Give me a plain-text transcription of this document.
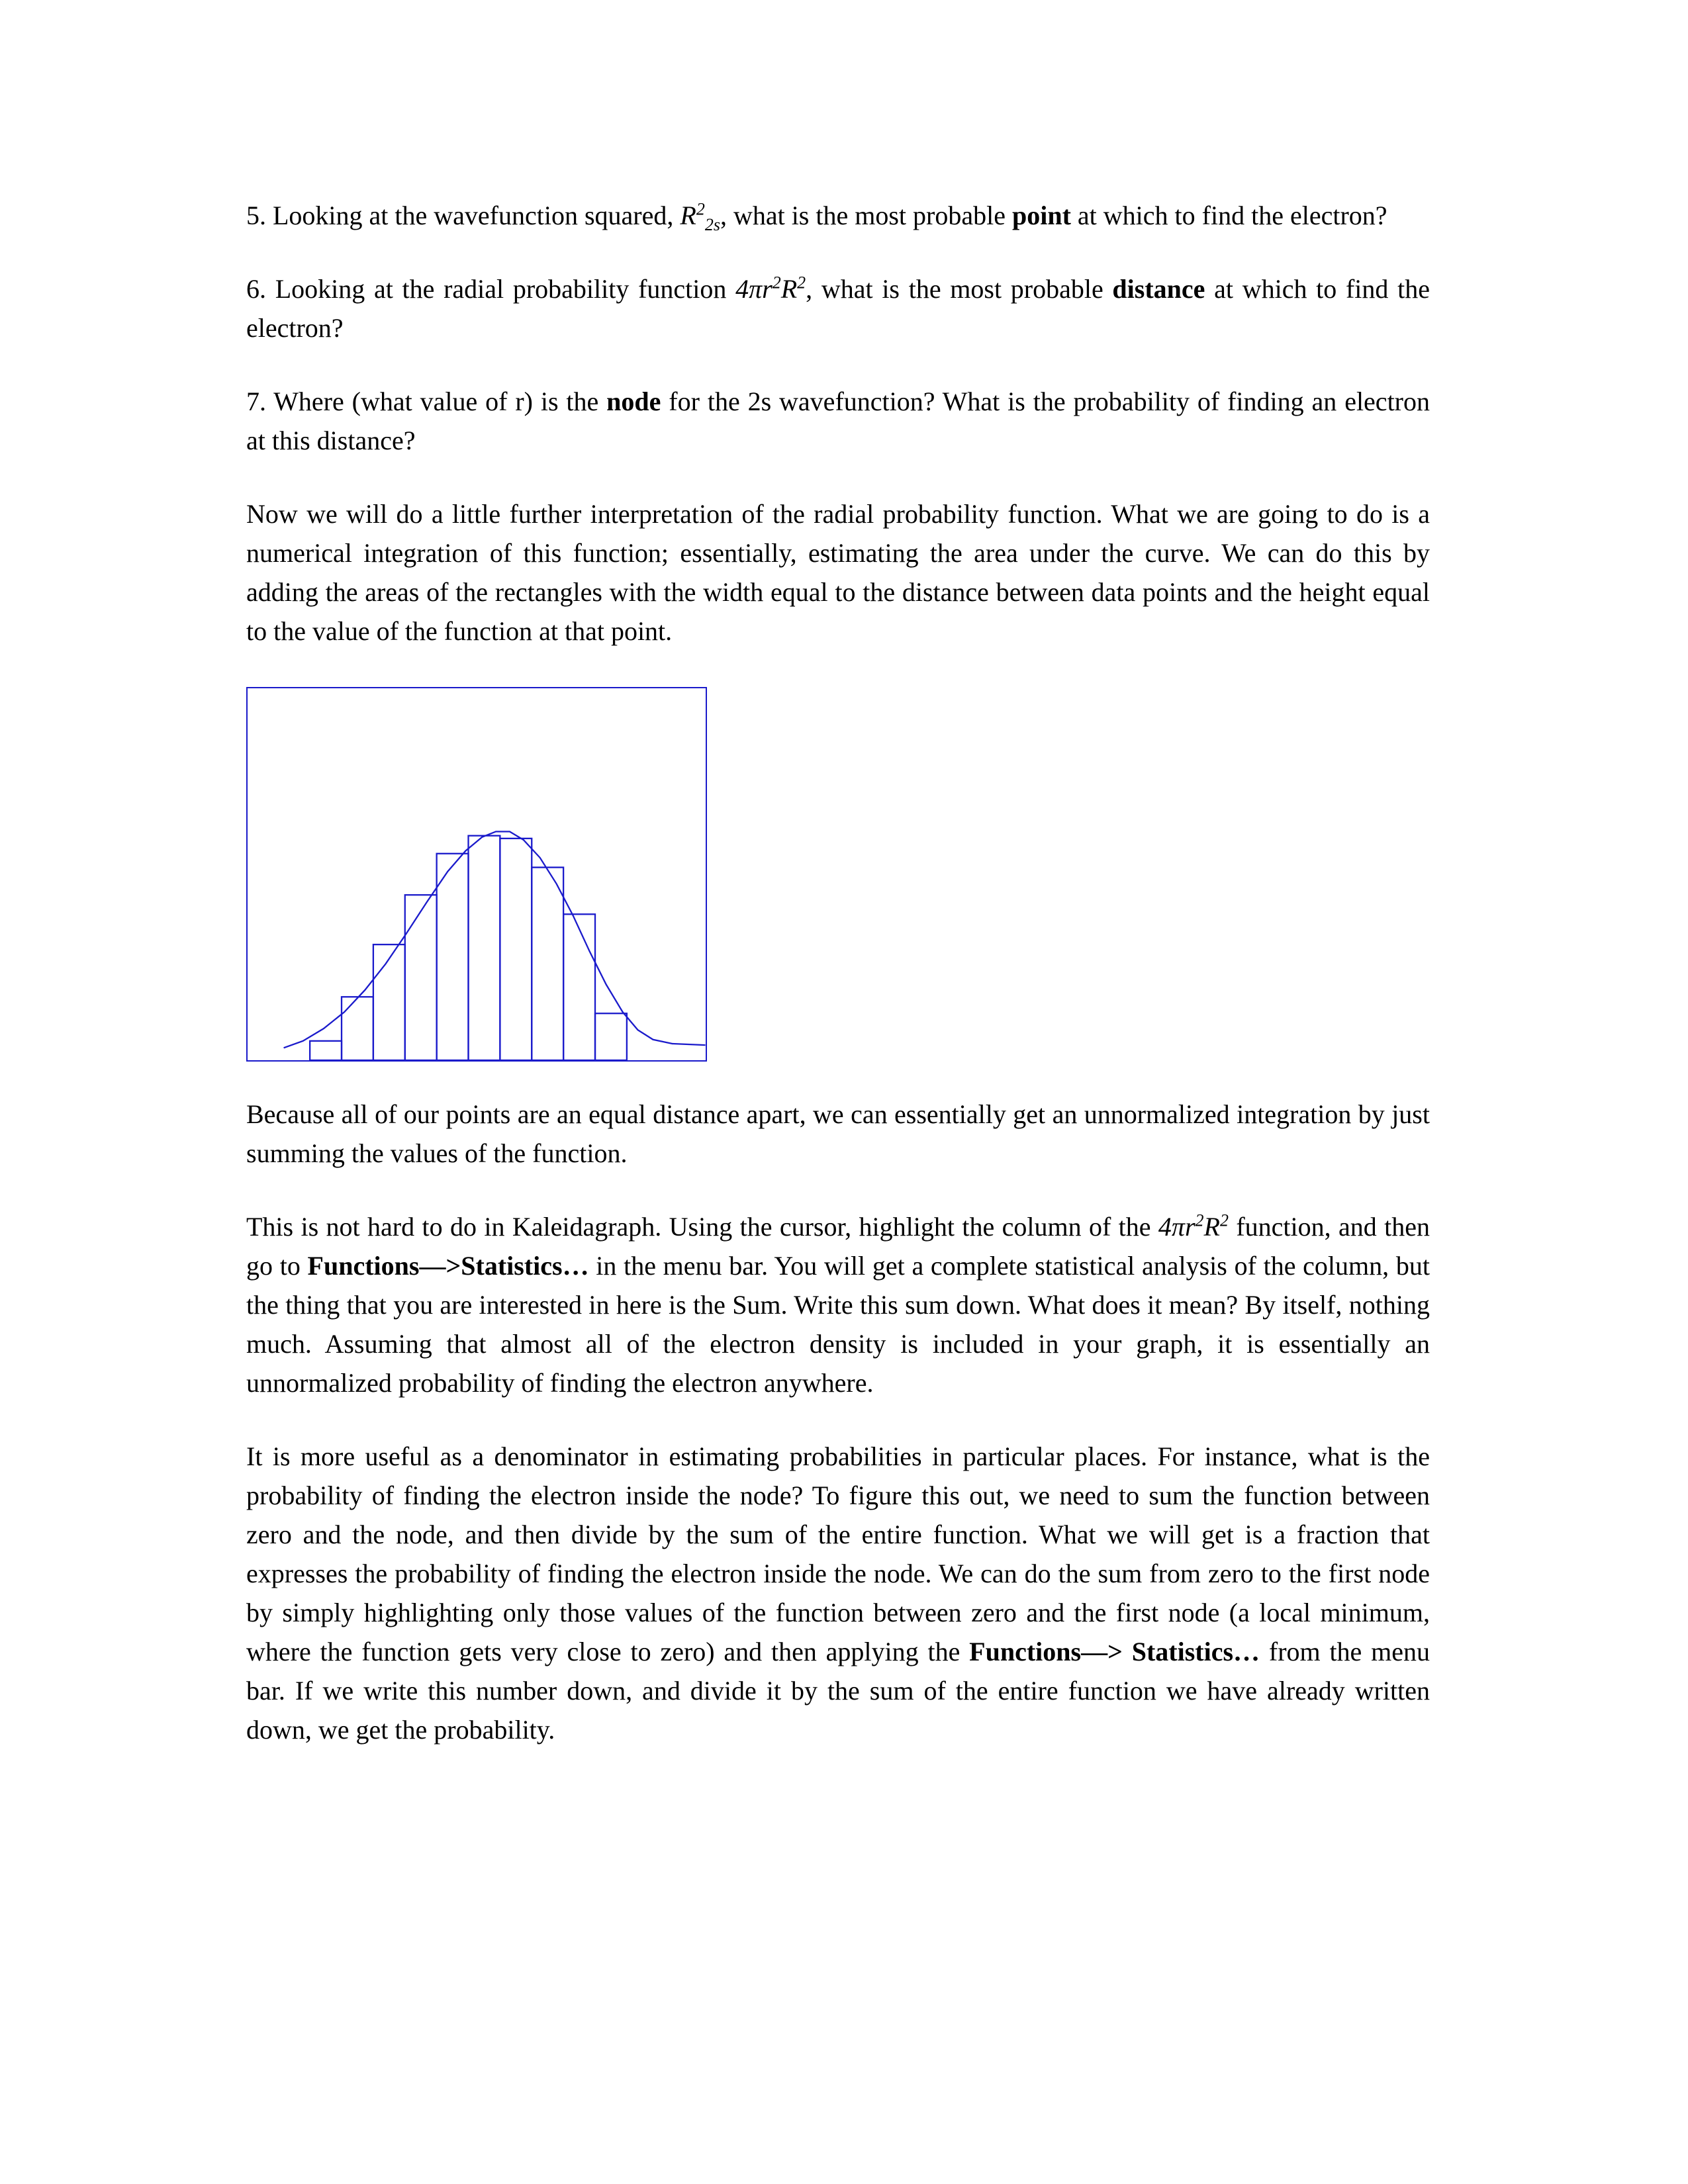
5. Looking at the wavefunction squared, $R^2_{2s}$, what is the most probable point at which to find the electron?

6. Looking at the radial probability function $4\pi r^2R^2$, what is the most probable distance at which to find the electron?

7. Where (what value of r) is the node for the 2s wavefunction? What is the probability of finding an electron at this distance?

Now we will do a little further interpretation of the radial probability function. What we are going to do is a numerical integration of this function; essentially, estimating the area under the curve. We can do this by adding the areas of the rectangles with the width equal to the distance between data points and the height equal to the value of the function at that point.

Because all of our points are an equal distance apart, we can essentially get an unnormalized integration by just summing the values of the function.

This is not hard to do in Kaleidagraph. Using the cursor, highlight the column of the $4\pi r^2R^2$ function, and then go to Functions—>Statistics… in the menu bar. You will get a complete statistical analysis of the column, but the thing that you are interested in here is the Sum. Write this sum down. What does it mean? By itself, nothing much. Assuming that almost all of the electron density is included in your graph, it is essentially an unnormalized probability of finding the electron anywhere.

It is more useful as a denominator in estimating probabilities in particular places. For instance, what is the probability of finding the electron inside the node? To figure this out, we need to sum the function between zero and the node, and then divide by the sum of the entire function. What we will get is a fraction that expresses the probability of finding the electron inside the node. We can do the sum from zero to the first node by simply highlighting only those values of the function between zero and the first node (a local minimum, where the function gets very close to zero) and then applying the Functions—> Statistics… from the menu bar. If we write this number down, and divide it by the sum of the entire function we have already written down, we get the probability.
